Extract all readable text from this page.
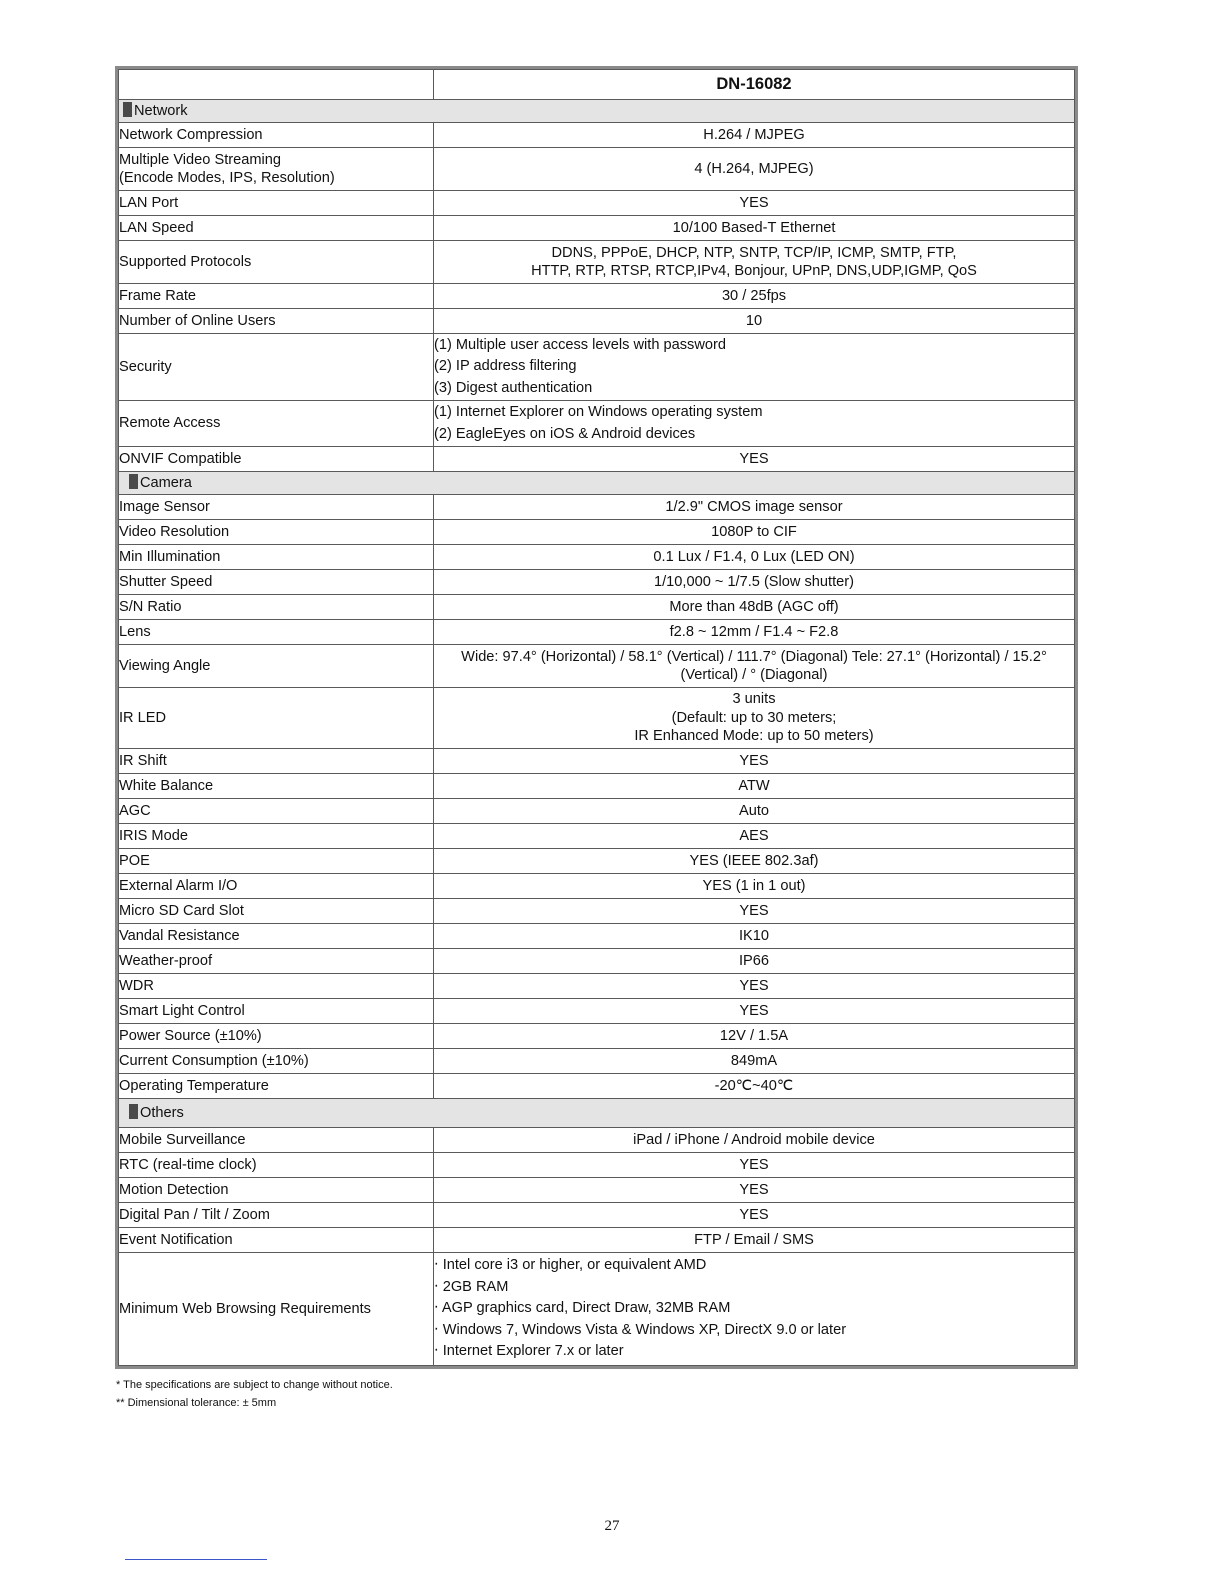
	DN-16082
Network	
Network Compression	H.264 / MJPEG

Multiple Video Streaming
(Encode Modes, IPS, Resolution)	4 (H.264, MJPEG)
LAN Port	YES
LAN Speed	10/100 Based-T Ethernet
Supported Protocols	DDNS, PPPoE, DHCP, NTP, SNTP, TCP/IP, ICMP, SMTP, FTP,
HTTP, RTP, RTSP, RTCP,IPv4, Bonjour, UPnP, DNS,UDP,IGMP, QoS

Frame Rate	30 / 25fps
Number of Online Users	10
Security	(1) Multiple user access levels with password
(2) IP address filtering
(3) Digest authentication

Remote Access	(1) Internet Explorer on Windows operating system
(2) EagleEyes on iOS & Android devices

ONVIF Compatible	YES
Camera	
Image Sensor	1/2.9" CMOS image sensor
Video Resolution	1080P to CIF
Min Illumination	0.1 Lux / F1.4, 0 Lux (LED ON)
Shutter Speed	1/10,000 ~ 1/7.5 (Slow shutter)
S/N Ratio	More than 48dB (AGC off)
Lens	f2.8 ~ 12mm / F1.4 ~ F2.8
Viewing Angle	Wide: 97.4° (Horizontal) / 58.1° (Vertical) / 111.7° (Diagonal) Tele: 27.1° (Horizontal) / 15.2°
(Vertical) / ° (Diagonal)

IR LED	3 units
(Default: up to 30 meters;
IR Enhanced Mode: up to 50 meters)

IR Shift	YES
White Balance	ATW
AGC	Auto
IRIS Mode	AES
POE	YES (IEEE 802.3af)
External Alarm I/O	YES (1 in 1 out)
Micro SD Card Slot	YES
Vandal Resistance	IK10
Weather-proof	IP66
WDR	YES
Smart Light Control	YES
Power Source (±10%)	12V / 1.5A
Current Consumption (±10%)	849mA
Operating Temperature	-20℃~40℃
Others	
Mobile Surveillance	iPad / iPhone / Android mobile device
RTC (real-time clock)	YES
Motion Detection	YES
Digital Pan / Tilt / Zoom	YES
Event Notification	FTP / Email / SMS
Minimum Web Browsing Requirements	‧ Intel core i3 or higher, or equivalent AMD
‧ 2GB RAM
‧ AGP graphics card, Direct Draw, 32MB RAM
‧ Windows 7, Windows Vista & Windows XP, DirectX 9.0 or later
‧ Internet Explorer 7.x or later
* The specifications are subject to change without notice.
** Dimensional tolerance: ± 5mm
27
